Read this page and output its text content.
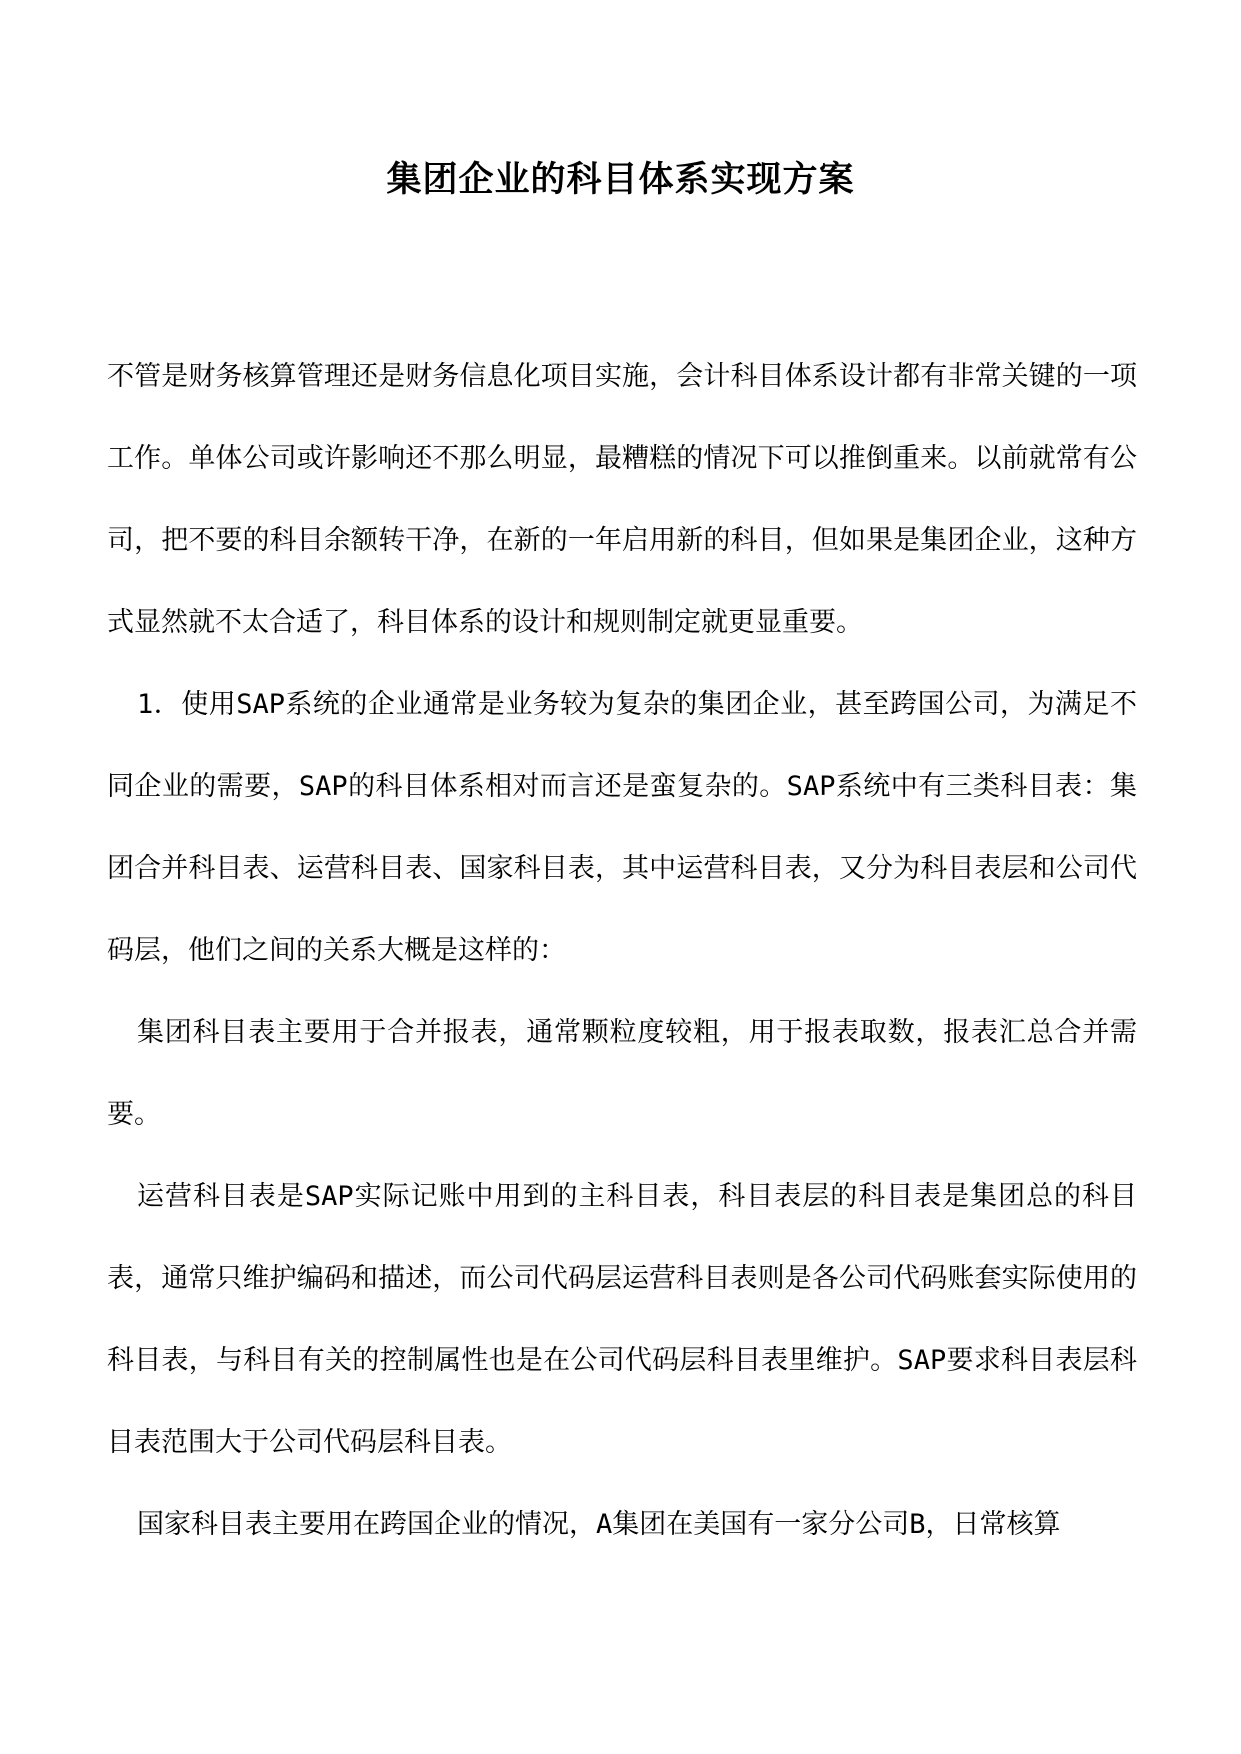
集团企业的科目体系实现方案

不管是财务核算管理还是财务信息化项目实施，会计科目体系设计都有非常关键的一项工作。单体公司或许影响还不那么明显，最糟糕的情况下可以推倒重来。以前就常有公司，把不要的科目余额转干净，在新的一年启用新的科目，但如果是集团企业，这种方式显然就不太合适了，科目体系的设计和规则制定就更显重要。

1．使用SAP系统的企业通常是业务较为复杂的集团企业，甚至跨国公司，为满足不同企业的需要，SAP的科目体系相对而言还是蛮复杂的。SAP系统中有三类科目表：集团合并科目表、运营科目表、国家科目表，其中运营科目表，又分为科目表层和公司代码层，他们之间的关系大概是这样的：

集团科目表主要用于合并报表，通常颗粒度较粗，用于报表取数，报表汇总合并需要。

运营科目表是SAP实际记账中用到的主科目表，科目表层的科目表是集团总的科目表，通常只维护编码和描述，而公司代码层运营科目表则是各公司代码账套实际使用的科目表，与科目有关的控制属性也是在公司代码层科目表里维护。SAP要求科目表层科目表范围大于公司代码层科目表。

国家科目表主要用在跨国企业的情况，A集团在美国有一家分公司B，日常核算
